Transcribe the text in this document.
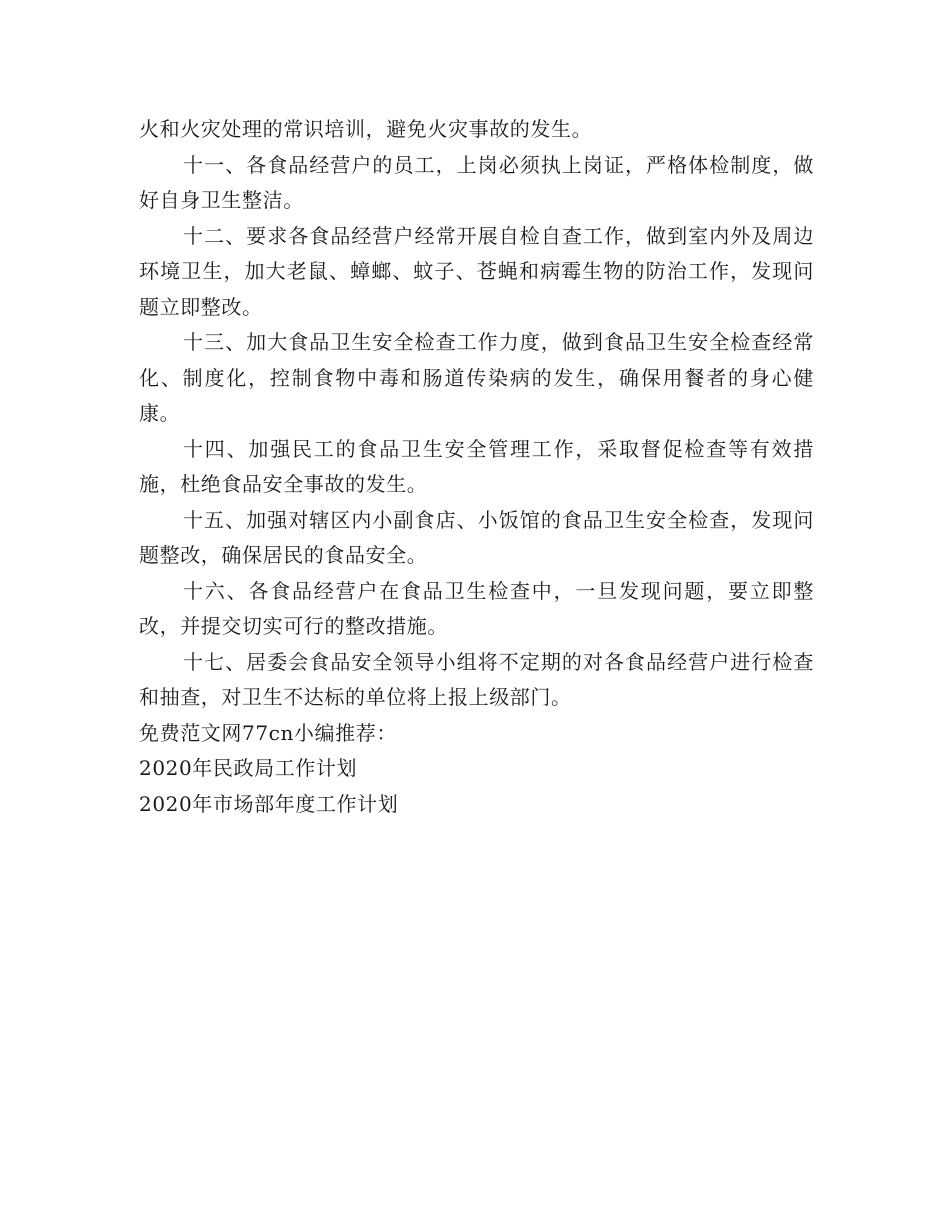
火和火灾处理的常识培训，避免火灾事故的发生。

十一、各食品经营户的员工，上岗必须执上岗证，严格体检制度，做好自身卫生整洁。

十二、要求各食品经营户经常开展自检自查工作，做到室内外及周边环境卫生，加大老鼠、蟑螂、蚊子、苍蝇和病霉生物的防治工作，发现问题立即整改。

十三、加大食品卫生安全检查工作力度，做到食品卫生安全检查经常化、制度化，控制食物中毒和肠道传染病的发生，确保用餐者的身心健康。

十四、加强民工的食品卫生安全管理工作，采取督促检查等有效措施，杜绝食品安全事故的发生。

十五、加强对辖区内小副食店、小饭馆的食品卫生安全检查，发现问题整改，确保居民的食品安全。

十六、各食品经营户在食品卫生检查中，一旦发现问题，要立即整改，并提交切实可行的整改措施。

十七、居委会食品安全领导小组将不定期的对各食品经营户进行检查和抽查，对卫生不达标的单位将上报上级部门。

免费范文网77cn小编推荐：

2020年民政局工作计划

2020年市场部年度工作计划
